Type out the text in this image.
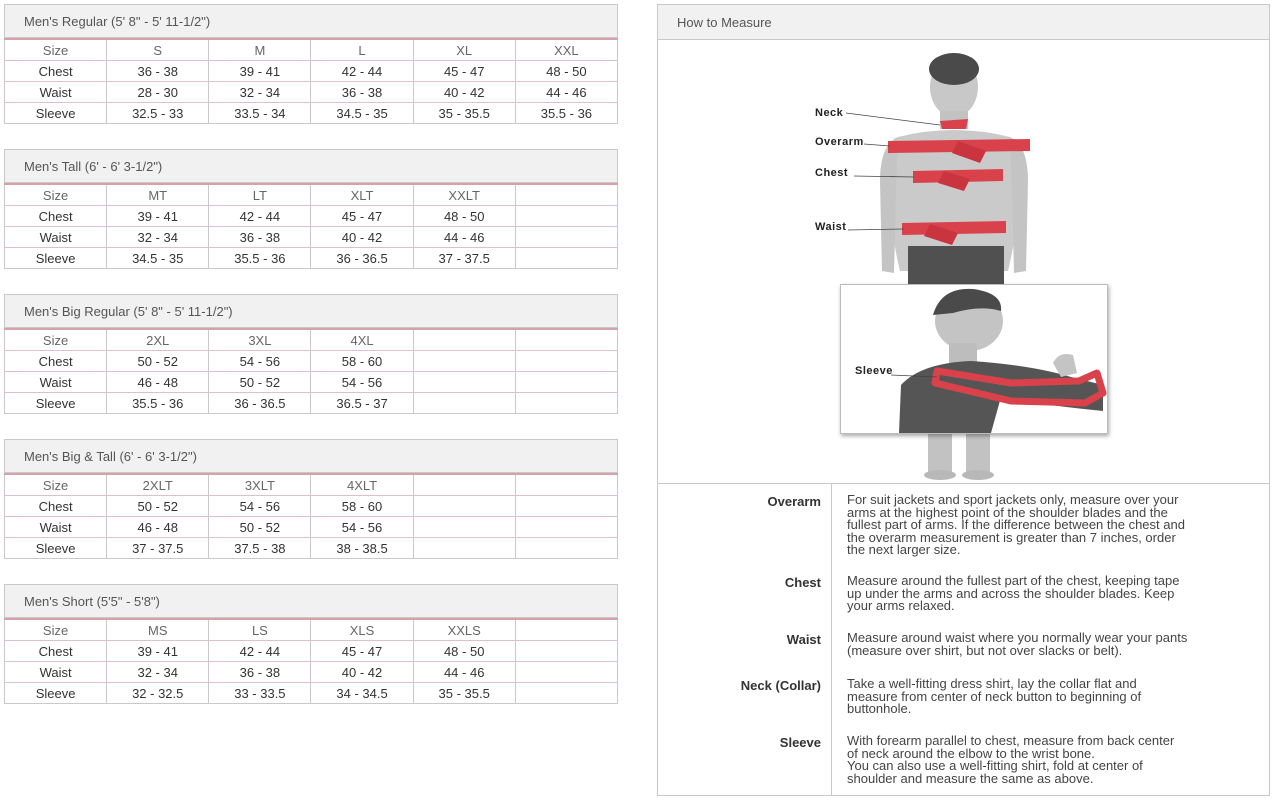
Men's Regular (5' 8" - 5' 11-1/2")
Size	S	M	L	XL	XXL
Chest	36 - 38	39 - 41	42 - 44	45 - 47	48 - 50
Waist	28 - 30	32 - 34	36 - 38	40 - 42	44 - 46
Sleeve	32.5 - 33	33.5 - 34	34.5 - 35	35 - 35.5	35.5 - 36
Men's Tall (6' - 6' 3-1/2")
Size	MT	LT	XLT	XXLT	
Chest	39 - 41	42 - 44	45 - 47	48 - 50	
Waist	32 - 34	36 - 38	40 - 42	44 - 46	
Sleeve	34.5 - 35	35.5 - 36	36 - 36.5	37 - 37.5	
Men's Big Regular (5' 8" - 5' 11-1/2")
Size	2XL	3XL	4XL		
Chest	50 - 52	54 - 56	58 - 60		
Waist	46 - 48	50 - 52	54 - 56		
Sleeve	35.5 - 36	36 - 36.5	36.5 - 37		
Men's Big & Tall (6' - 6' 3-1/2")
Size	2XLT	3XLT	4XLT		
Chest	50 - 52	54 - 56	58 - 60		
Waist	46 - 48	50 - 52	54 - 56		
Sleeve	37 - 37.5	37.5 - 38	38 - 38.5		
Men's Short (5'5" - 5'8")
Size	MS	LS	XLS	XXLS	
Chest	39 - 41	42 - 44	45 - 47	48 - 50	
Waist	32 - 34	36 - 38	40 - 42	44 - 46	
Sleeve	32 - 32.5	33 - 33.5	34 - 34.5	35 - 35.5	
How to Measure
Neck
Overarm
Chest
Waist
Sleeve
Overarm For suit jackets and sport jackets only, measure over your
arms at the highest point of the shoulder blades and the
fullest part of arms. If the difference between the chest and
the overarm measurement is greater than 7 inches, order
the next larger size.

Chest Measure around the fullest part of the chest, keeping tape
up under the arms and across the shoulder blades. Keep
your arms relaxed.

Waist Measure around waist where you normally wear your pants
(measure over shirt, but not over slacks or belt).

Neck (Collar) Take a well-fitting dress shirt, lay the collar flat and
measure from center of neck button to beginning of
buttonhole.

Sleeve With forearm parallel to chest, measure from back center
of neck around the elbow to the wrist bone.
You can also use a well-fitting shirt, fold at center of
shoulder and measure the same as above.
